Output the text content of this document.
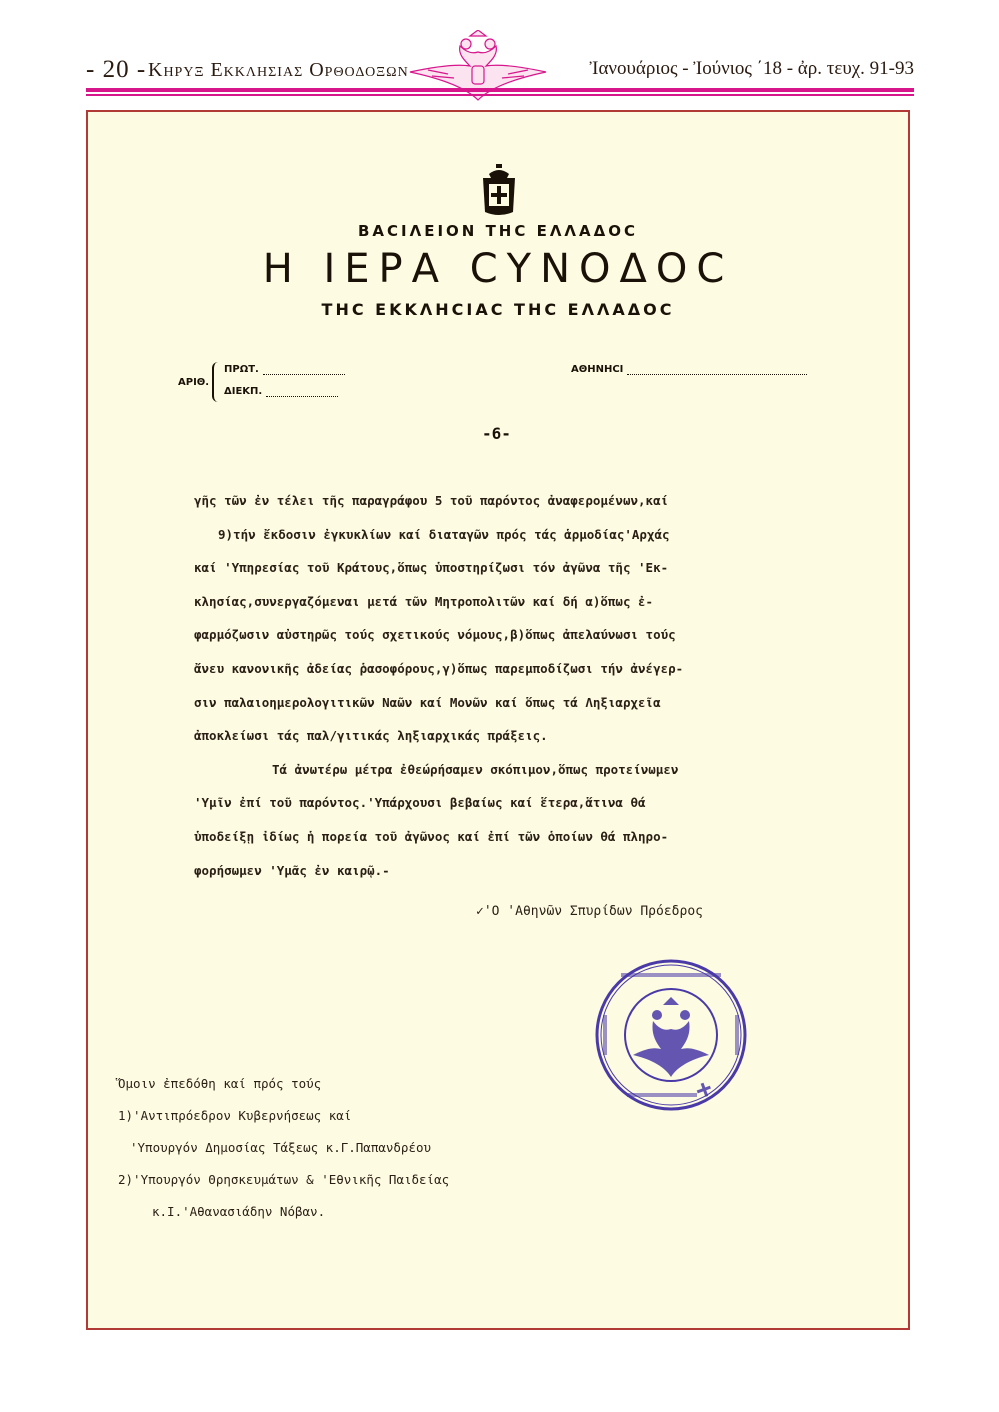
- 20 - Κηρυξ Εκκλησιας Ορθοδοξων	Ἰανουάριος - Ἰούνιος ΄18 - ἀρ. τευχ. 91-93
ΒΑCΙΛΕΙΟΝ ΤΗC ΕΛΛΑΔΟC
Η ΙΕΡΑ CΥΝΟΔΟC
ΤΗC ΕΚΚΛΗCΙΑC ΤΗC ΕΛΛΑΔΟC
ΑΡΙΘ.
ΠΡΩΤ.
ΔΙΕΚΠ.
ΑΘΗΝΗCΙ
-6-
γῆς τῶν ἐν τέλει τῆς παραγράφου 5 τοῦ παρόντος ἀναφερομένων,καί
9)τήν ἔκδοσιν ἐγκυκλίων καί διαταγῶν πρός τάς ἁρμοδίας'Αρχάς
καί 'Υπηρεσίας τοῦ Κράτους,ὅπως ὑποστηρίζωσι τόν ἀγῶνα τῆς 'Εκ-
κλησίας,συνεργαζόμεναι μετά τῶν Μητροπολιτῶν καί δή α)ὅπως ἐ-
φαρμόζωσιν αὐστηρῶς τούς σχετικούς νόμους,β)ὅπως ἀπελαύνωσι τούς
ἄνευ κανονικῆς ἀδείας ῥασοφόρους,γ)ὅπως παρεμποδίζωσι τήν ἀνέγερ-
σιν παλαιοημερολογιτικῶν Ναῶν καί Μονῶν καί ὅπως τά Ληξιαρχεῖα
ἀποκλείωσι τάς παλ/γιτικάς ληξιαρχικάς πράξεις.
Τά ἀνωτέρω μέτρα ἐθεώρήσαμεν σκόπιμον,ὅπως προτείνωμεν
'Υμῖν ἐπί τοῦ παρόντος.'Υπάρχουσι βεβαίως καί ἕτερα,ἅτινα θά
ὑποδείξῃ ἰδίως ἡ πορεία τοῦ ἀγῶνος καί ἐπί τῶν ὁποίων θά πληρο-
φορήσωμεν 'Υμᾶς ἐν καιρῷ.-
✓'Ο 'Αθηνῶν Σπυρίδων Πρόεδρος
Ὅμοιν ἐπεδόθη καί πρός τούς
1)'Αντιπρόεδρον Κυβερνήσεως καί
'Υπουργόν Δημοσίας Τάξεως κ.Γ.Παπανδρέου
2)'Υπουργόν Θρησκευμάτων & 'Εθνικῆς Παιδείας
κ.Ι.'Αθανασιάδην Νόβαν.
